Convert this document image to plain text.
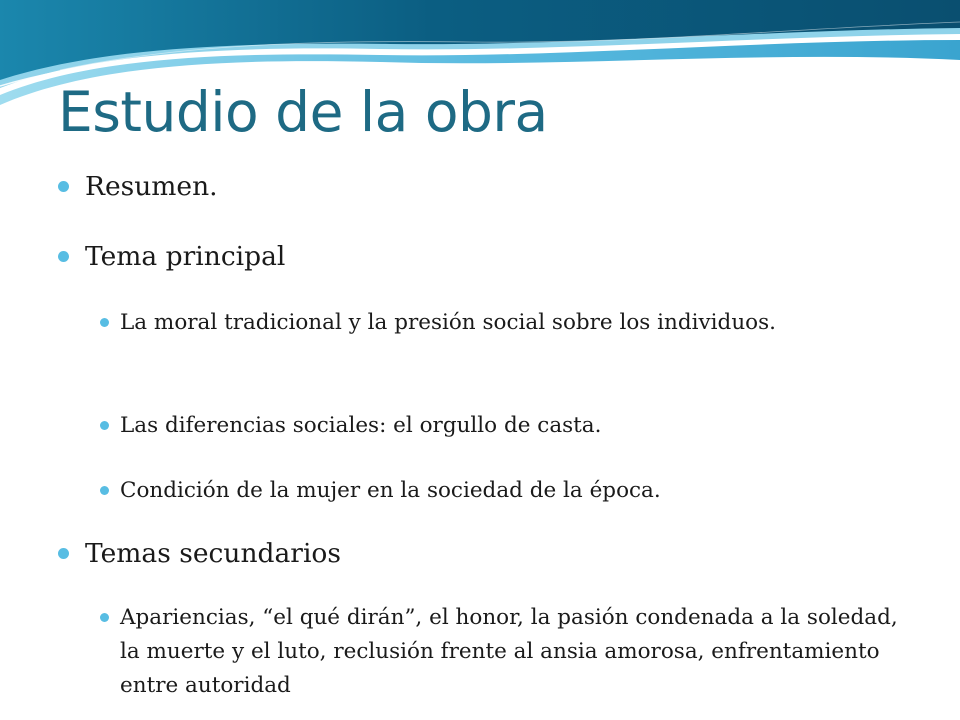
Estudio de la obra
Resumen.
Tema principal
La moral tradicional y la presión social sobre los individuos.
Las diferencias sociales: el orgullo de casta.
Condición de la mujer en la sociedad de la época.
Temas secundarios
Apariencias, “el qué dirán”, el honor, la pasión condenada a la soledad, la muerte y el luto, reclusión frente al ansia amorosa, enfrentamiento entre autoridad
